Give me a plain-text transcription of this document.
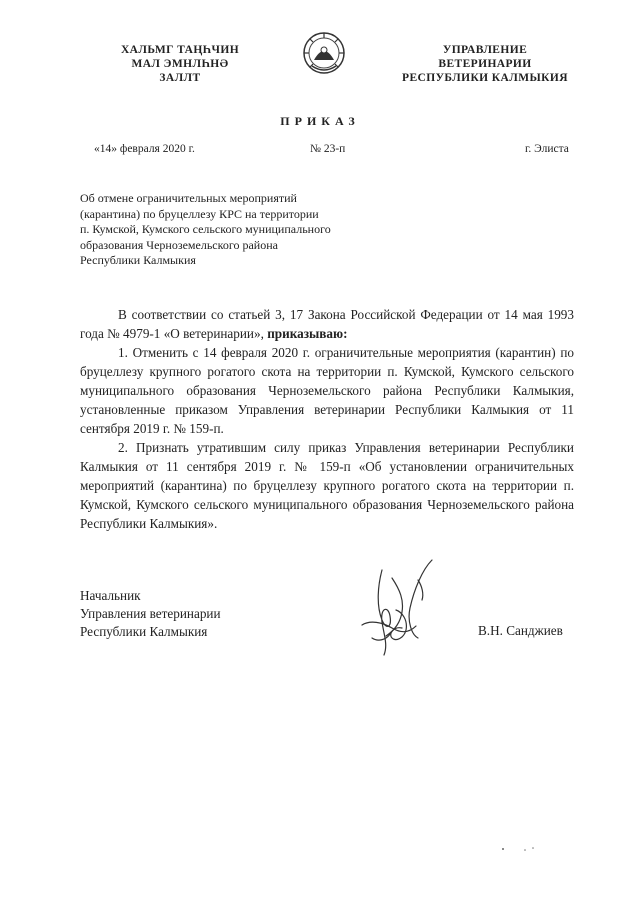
ХАЛЬМГ ТАҢҺЧИН
МАЛ ЭМНЛҺНӘ
ЗАЛЛТ
УПРАВЛЕНИЕ
ВЕТЕРИНАРИИ
РЕСПУБЛИКИ КАЛМЫКИЯ
ПРИКАЗ
«14» февраля 2020 г.	№ 23-п	г. Элиста
Об отмене ограничительных мероприятий
(карантина) по бруцеллезу КРС на территории
п. Кумской, Кумского сельского муниципального
образования Черноземельского района
Республики Калмыкия

В соответствии со статьей 3, 17 Закона Российской Федерации от 14 мая 1993 года № 4979-1 «О ветеринарии», приказываю:

1. Отменить с 14 февраля 2020 г. ограничительные мероприятия (карантин) по бруцеллезу крупного рогатого скота на территории п. Кумской, Кумского сельского муниципального образования Черноземельского района Республики Калмыкия, установленные приказом Управления ветеринарии Республики Калмыкия от 11 сентября 2019 г. № 159-п.

2. Признать утратившим силу приказ Управления ветеринарии Республики Калмыкия от 11 сентября 2019 г. № 159-п «Об установлении ограничительных мероприятий (карантина) по бруцеллезу крупного рогатого скота на территории п. Кумской, Кумского сельского муниципального образования Черноземельского района Республики Калмыкия».

Начальник
Управления ветеринарии
Республики Калмыкия	В.Н. Санджиев
